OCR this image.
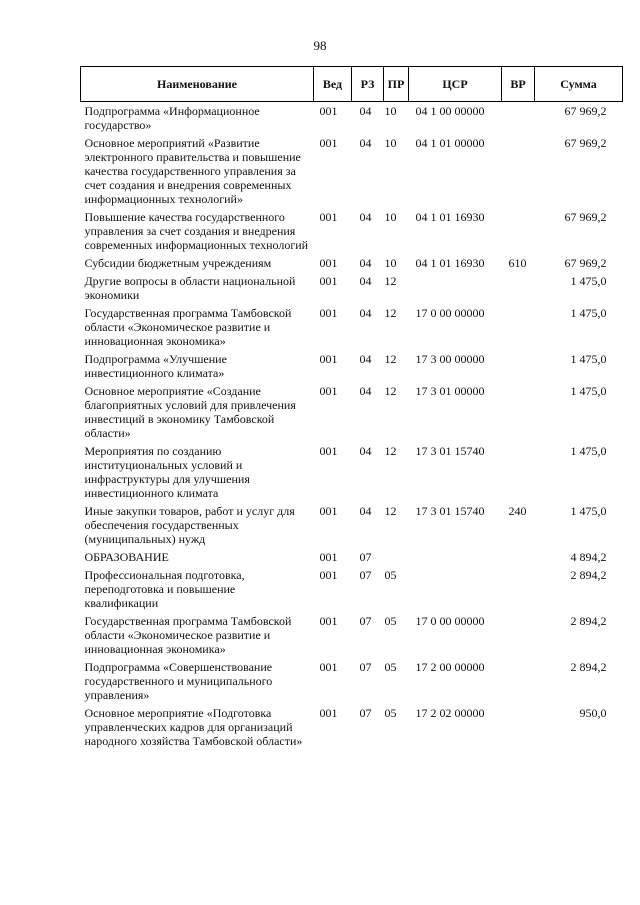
98
Наименование	Вед	РЗ	ПР	ЦСР	ВР	Сумма

Подпрограмма «Информационное государство»	001	04	10	04 1 00 00000		67 969,2
Основное мероприятий «Развитие электронного правительства и повышение качества государственного управления за счет создания и внедрения современных информационных технологий»	001	04	10	04 1 01 00000		67 969,2
Повышение качества государственного управления за счет создания и внедрения современных информационных технологий	001	04	10	04 1 01 16930		67 969,2
Субсидии бюджетным учреждениям	001	04	10	04 1 01 16930	610	67 969,2
Другие вопросы в области национальной экономики	001	04	12			1 475,0
Государственная программа Тамбовской области «Экономическое развитие и инновационная экономика»	001	04	12	17 0 00 00000		1 475,0
Подпрограмма «Улучшение инвестиционного климата»	001	04	12	17 3 00 00000		1 475,0
Основное мероприятие «Создание благоприятных условий для привлечения инвестиций в экономику Тамбовской области»	001	04	12	17 3 01 00000		1 475,0
Мероприятия по созданию институциональных условий и инфраструктуры для улучшения инвестиционного климата	001	04	12	17 3 01 15740		1 475,0
Иные закупки товаров, работ и услуг для обеспечения государственных (муниципальных) нужд	001	04	12	17 3 01 15740	240	1 475,0
ОБРАЗОВАНИЕ	001	07				4 894,2
Профессиональная подготовка, переподготовка и повышение квалификации	001	07	05			2 894,2
Государственная программа Тамбовской области «Экономическое развитие и инновационная экономика»	001	07	05	17 0 00 00000		2 894,2
Подпрограмма «Совершенствование государственного и муниципального управления»	001	07	05	17 2 00 00000		2 894,2
Основное мероприятие «Подготовка управленческих кадров для организаций народного хозяйства Тамбовской области»	001	07	05	17 2 02 00000		950,0
